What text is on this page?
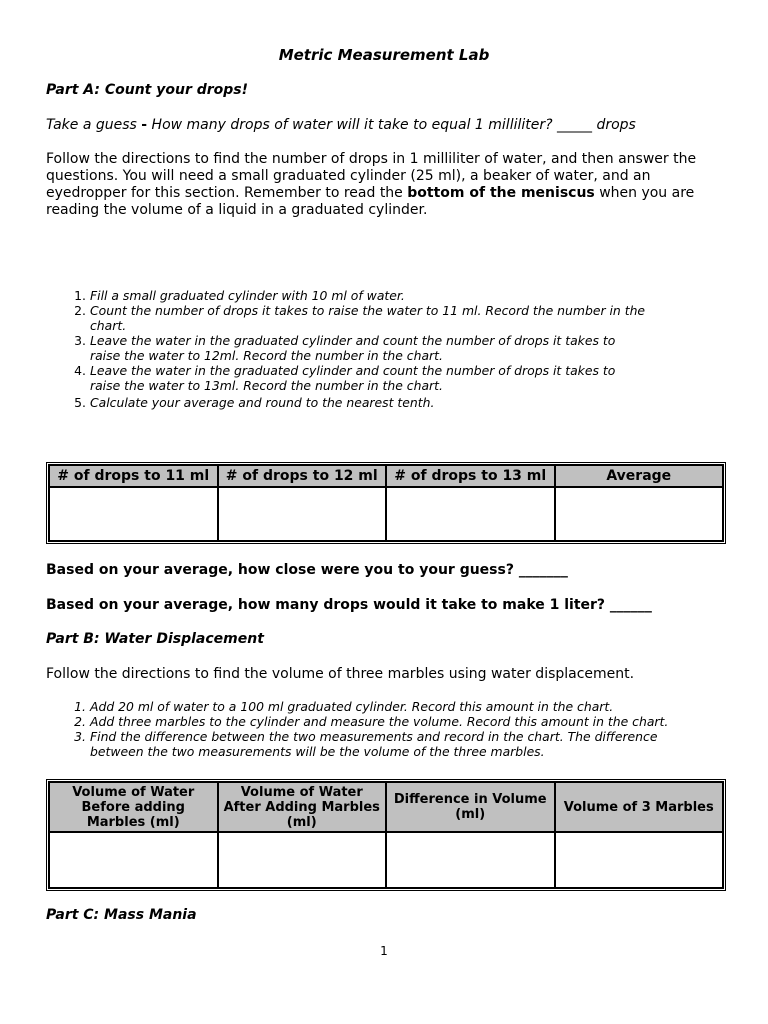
Metric Measurement Lab
Part A: Count your drops!
Take a guess - How many drops of water will it take to equal 1 milliliter? _____ drops
Follow the directions to find the number of drops in 1 milliliter of water, and then answer the questions. You will need a small graduated cylinder (25 ml), a beaker of water, and an eyedropper for this section. Remember to read the bottom of the meniscus when you are reading the volume of a liquid in a graduated cylinder.
1. Fill a small graduated cylinder with 10 ml of water.
2. Count the number of drops it takes to raise the water to 11 ml. Record the number in the chart.
3. Leave the water in the graduated cylinder and count the number of drops it takes to raise the water to 12ml. Record the number in the chart.
4. Leave the water in the graduated cylinder and count the number of drops it takes to raise the water to 13ml. Record the number in the chart.
5. Calculate your average and round to the nearest tenth.
# of drops to 11 ml	# of drops to 12 ml	# of drops to 13 ml	Average

Based on your average, how close were you to your guess? _______
Based on your average, how many drops would it take to make 1 liter? ______
Part B: Water Displacement
Follow the directions to find the volume of three marbles using water displacement.
1. Add 20 ml of water to a 100 ml graduated cylinder. Record this amount in the chart.
2. Add three marbles to the cylinder and measure the volume. Record this amount in the chart.
3. Find the difference between the two measurements and record in the chart. The difference between the two measurements will be the volume of the three marbles.
Volume of Water Before adding Marbles (ml)	Volume of Water After Adding Marbles (ml)	Difference in Volume (ml)	Volume of 3 Marbles

Part C: Mass Mania
1
